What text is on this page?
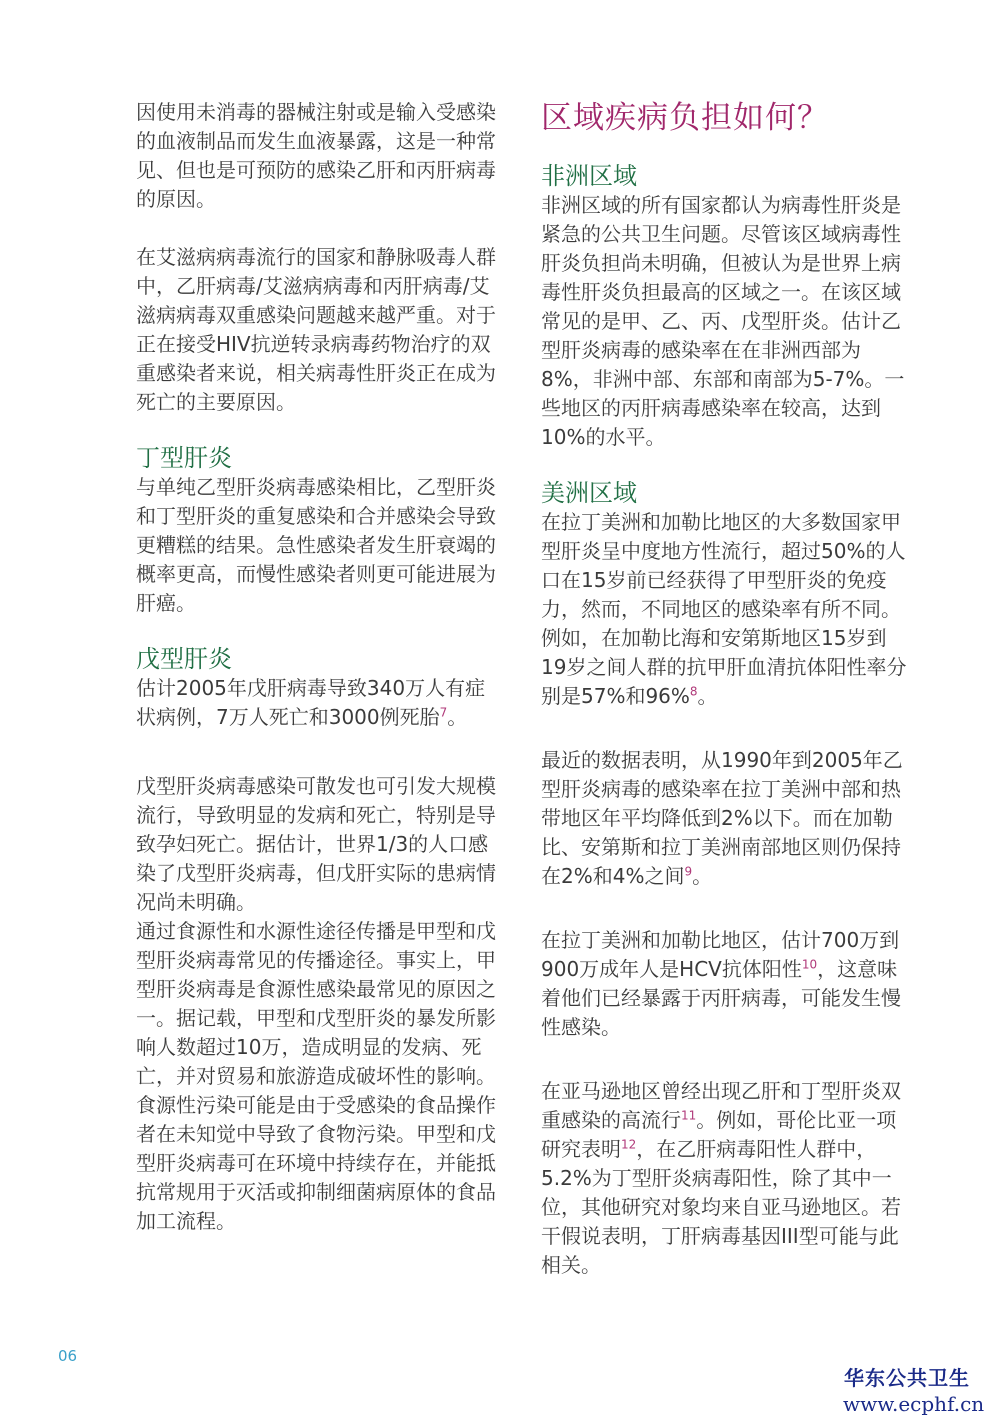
因使用未消毒的器械注射或是输入受感染的血液制品而发生血液暴露，这是一种常见、但也是可预防的感染乙肝和丙肝病毒的原因。

在艾滋病病毒流行的国家和静脉吸毒人群中，乙肝病毒/艾滋病病毒和丙肝病毒/艾滋病病毒双重感染问题越来越严重。对于正在接受HIV抗逆转录病毒药物治疗的双重感染者来说，相关病毒性肝炎正在成为死亡的主要原因。

丁型肝炎

与单纯乙型肝炎病毒感染相比，乙型肝炎和丁型肝炎的重复感染和合并感染会导致更糟糕的结果。急性感染者发生肝衰竭的概率更高，而慢性感染者则更可能进展为肝癌。

戊型肝炎

估计2005年戊肝病毒导致340万人有症状病例，7万人死亡和3000例死胎$^7$。

戊型肝炎病毒感染可散发也可引发大规模流行，导致明显的发病和死亡，特别是导致孕妇死亡。据估计，世界1/3的人口感染了戊型肝炎病毒，但戊肝实际的患病情况尚未明确。

通过食源性和水源性途径传播是甲型和戊型肝炎病毒常见的传播途径。事实上，甲型肝炎病毒是食源性感染最常见的原因之一。据记载，甲型和戊型肝炎的暴发所影响人数超过10万，造成明显的发病、死亡，并对贸易和旅游造成破坏性的影响。食源性污染可能是由于受感染的食品操作者在未知觉中导致了食物污染。甲型和戊型肝炎病毒可在环境中持续存在，并能抵抗常规用于灭活或抑制细菌病原体的食品加工流程。

区域疾病负担如何？
非洲区域

非洲区域的所有国家都认为病毒性肝炎是紧急的公共卫生问题。尽管该区域病毒性肝炎负担尚未明确，但被认为是世界上病毒性肝炎负担最高的区域之一。在该区域常见的是甲、乙、丙、戊型肝炎。估计乙型肝炎病毒的感染率在在非洲西部为8%，非洲中部、东部和南部为5-7%。一些地区的丙肝病毒感染率在较高，达到10%的水平。

美洲区域

在拉丁美洲和加勒比地区的大多数国家甲型肝炎呈中度地方性流行，超过50%的人口在15岁前已经获得了甲型肝炎的免疫力，然而，不同地区的感染率有所不同。例如，在加勒比海和安第斯地区15岁到19岁之间人群的抗甲肝血清抗体阳性率分别是57%和96%$^8$。

最近的数据表明，从1990年到2005年乙型肝炎病毒的感染率在拉丁美洲中部和热带地区年平均降低到2%以下。而在加勒比、安第斯和拉丁美洲南部地区则仍保持在2%和4%之间$^9$。

在拉丁美洲和加勒比地区，估计700万到900万成年人是HCV抗体阳性$^{10}$，这意味着他们已经暴露于丙肝病毒，可能发生慢性感染。

在亚马逊地区曾经出现乙肝和丁型肝炎双重感染的高流行$^{11}$。例如，哥伦比亚一项研究表明$^{12}$，在乙肝病毒阳性人群中，5.2%为丁型肝炎病毒阳性，除了其中一位，其他研究对象均来自亚马逊地区。若干假说表明，丁肝病毒基因III型可能与此相关。

06
华东公共卫生
www.ecphf.cn
